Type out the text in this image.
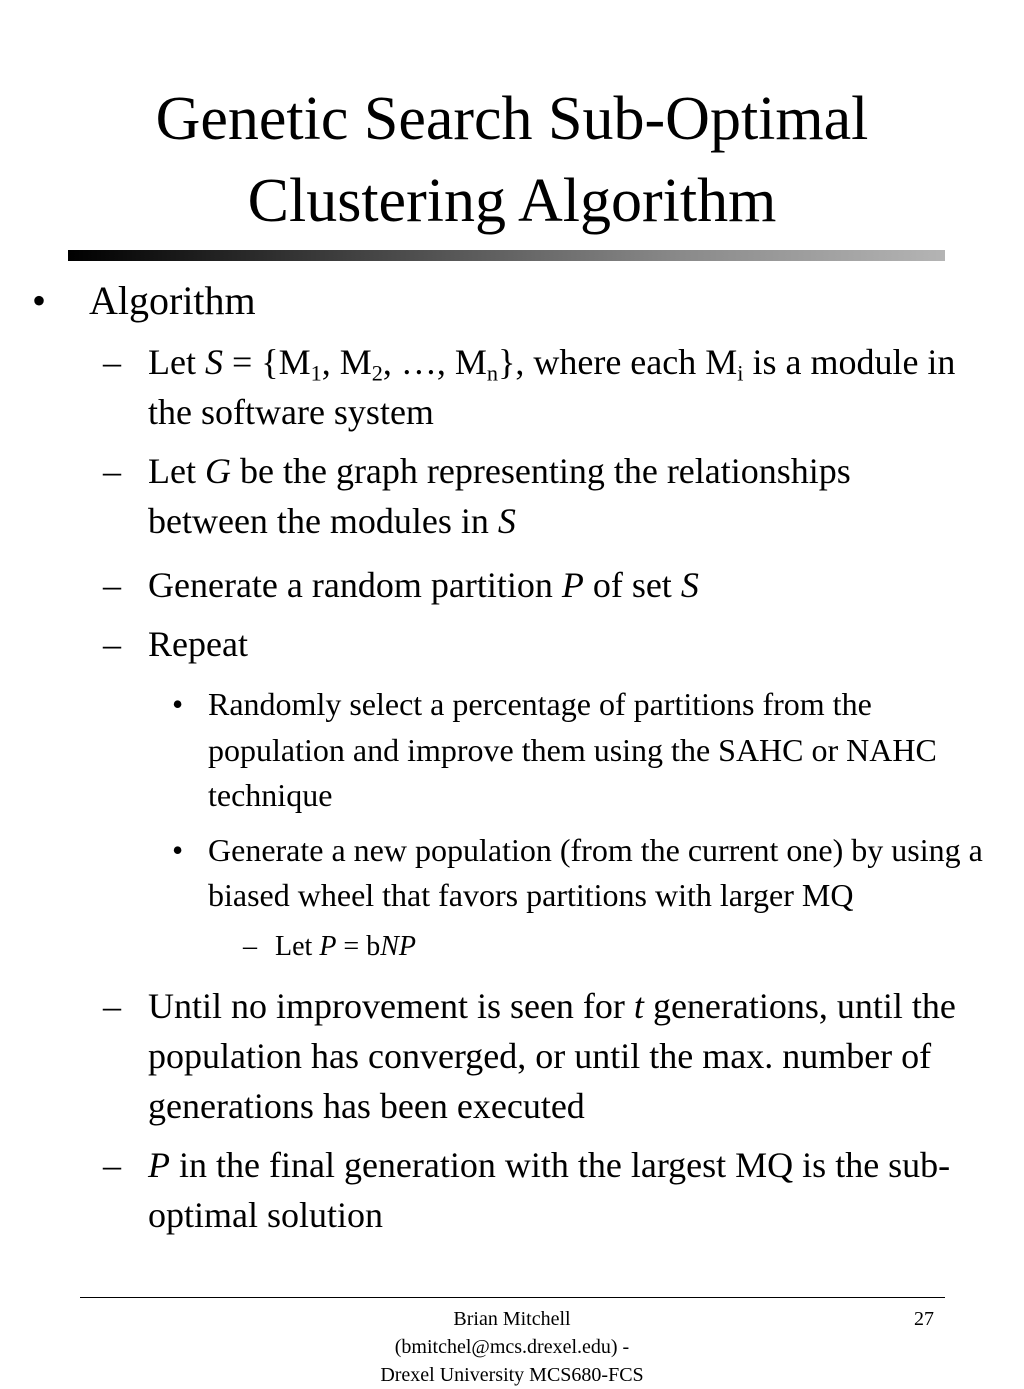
Genetic Search Sub-Optimal
Clustering Algorithm
• Algorithm
– Let $S = \{M_1$, $M_2$, …, $M_n$}, where each $M_i$ is a module in the software system
– Let G be the graph representing the relationships between the modules in S
– Generate a random partition P of set S
– Repeat
• Randomly select a percentage of partitions from the population and improve them using the SAHC or NAHC technique
• Generate a new population (from the current one) by using a biased wheel that favors partitions with larger MQ
– Let P = bNP
– Until no improvement is seen for t generations, until the population has converged, or until the max. number of generations has been executed
– P in the final generation with the largest MQ is the sub-optimal solution
Brian Mitchell
(bmitchel@mcs.drexel.edu) -
Drexel University MCS680-FCS
27
